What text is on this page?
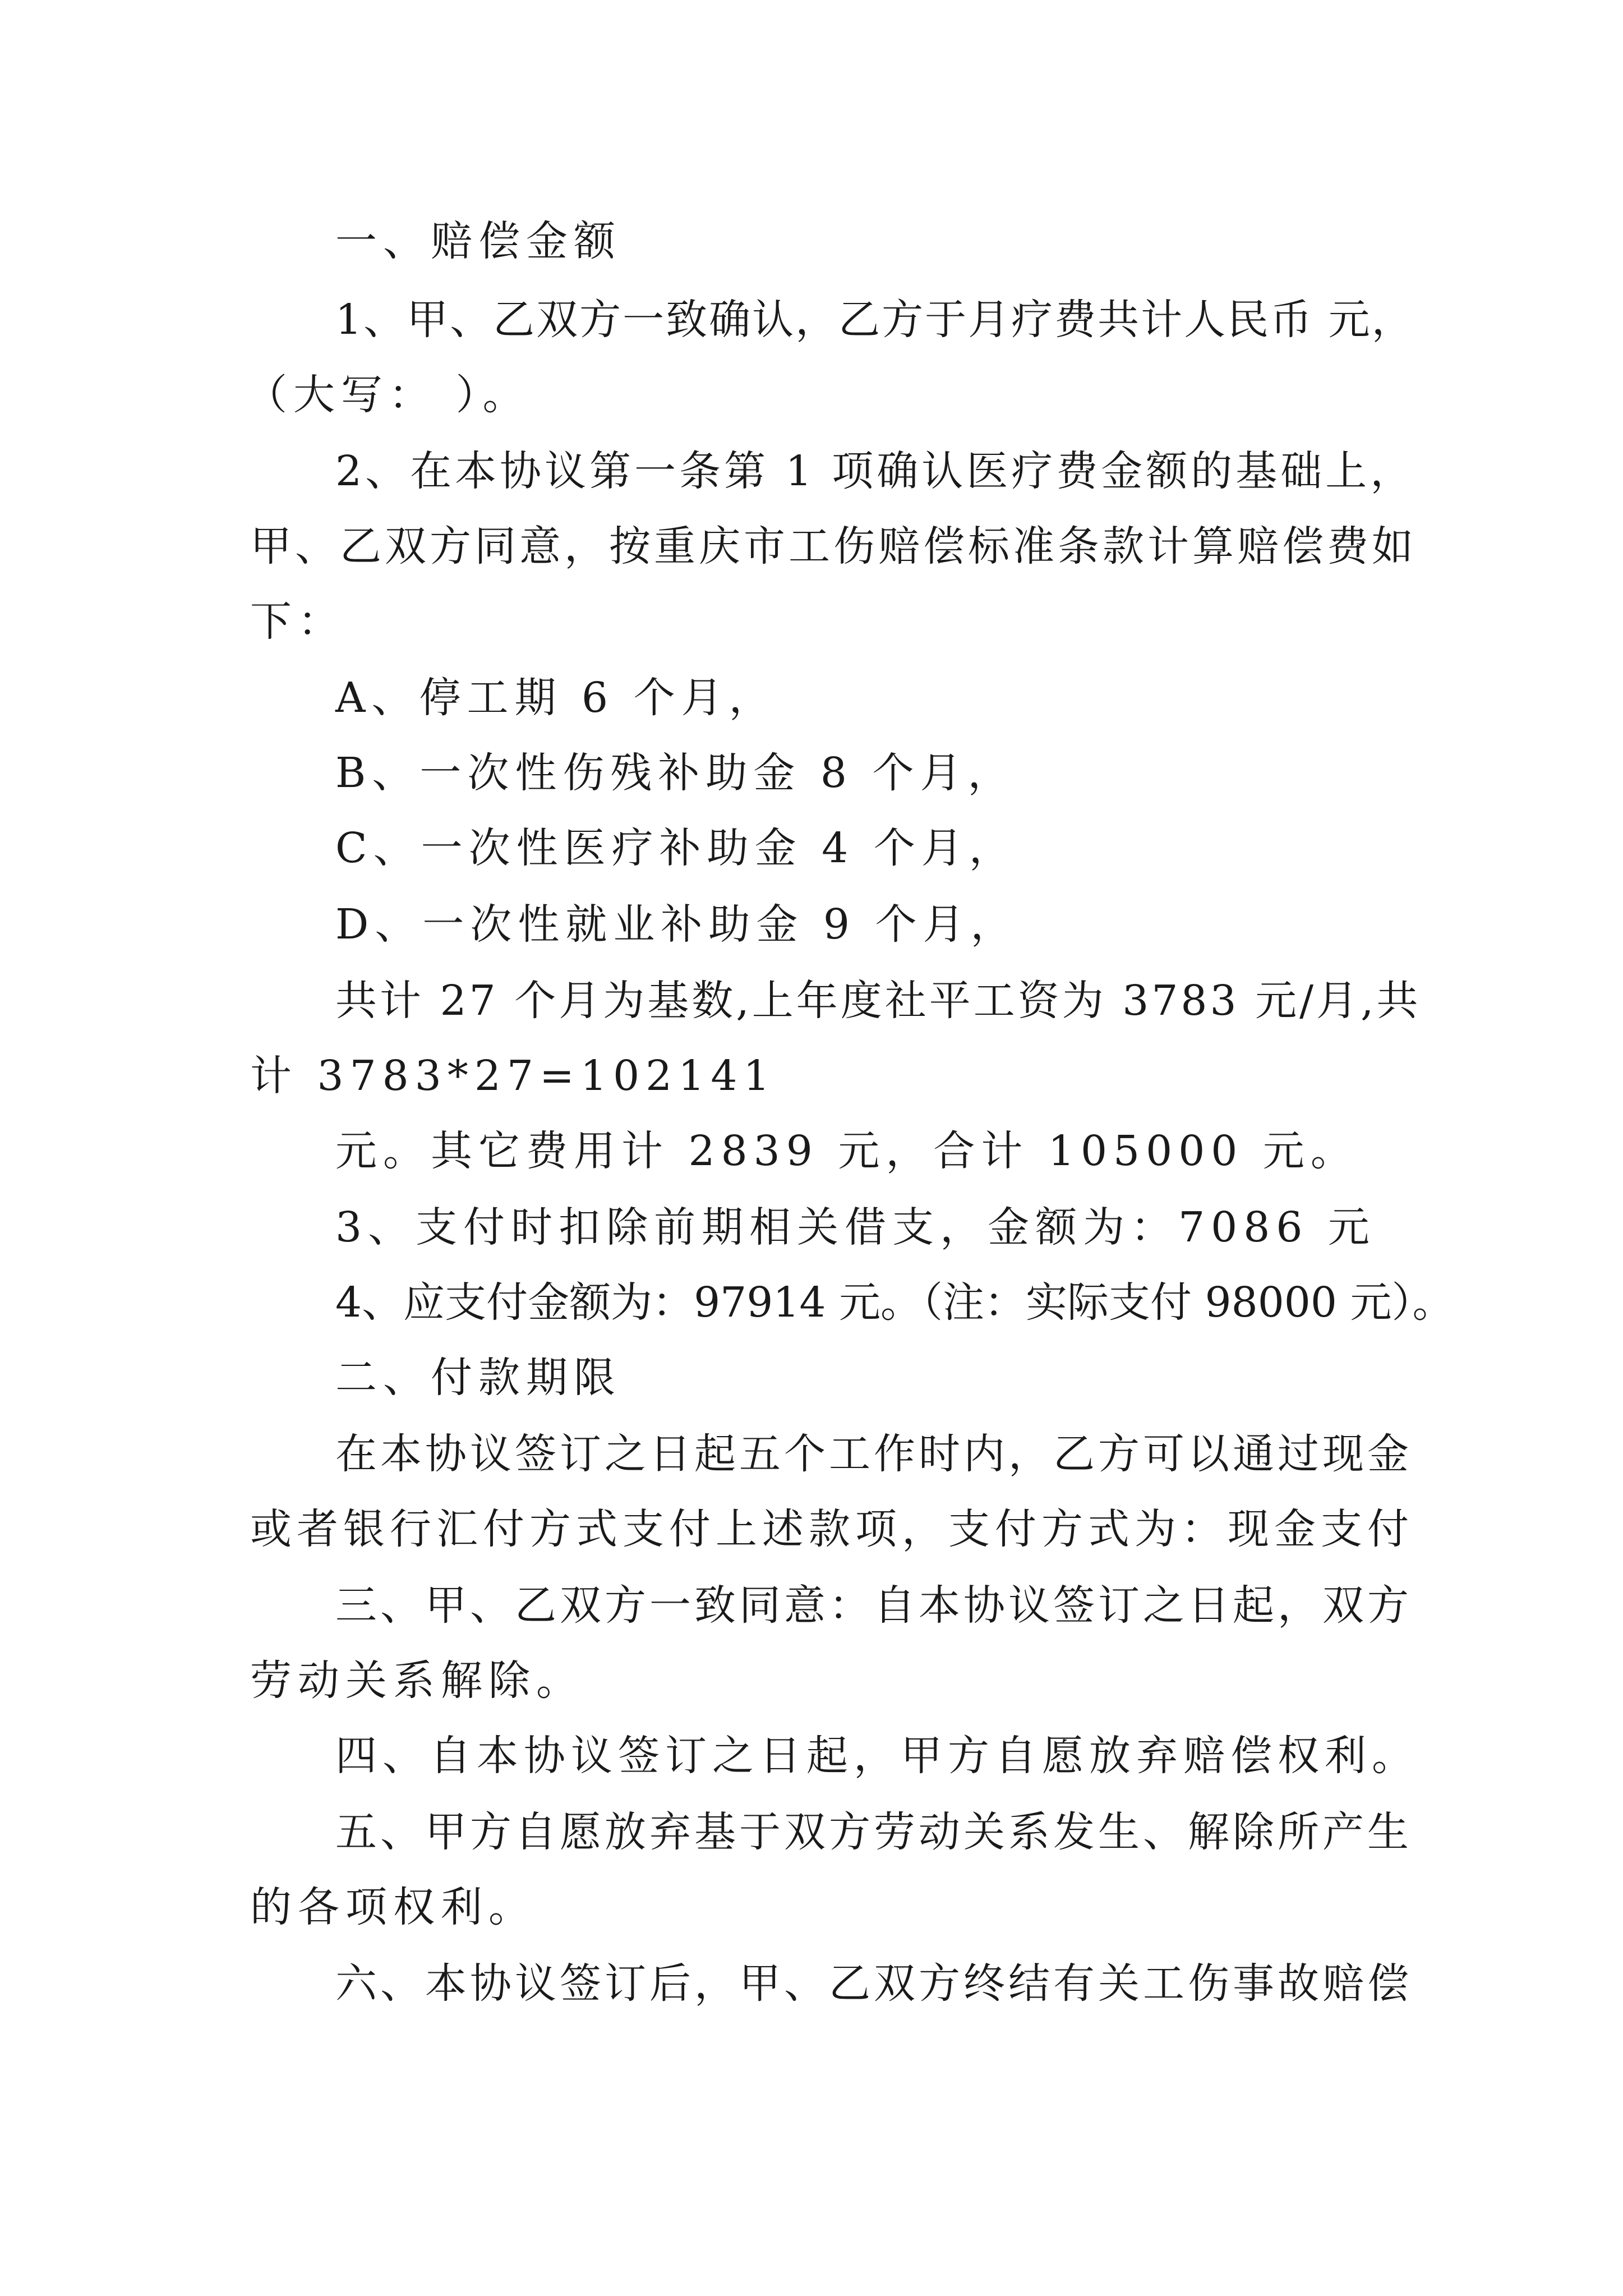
一、赔偿金额

1、甲、乙双方一致确认，乙方于月疗费共计人民币 元，

（大写： ）。

2、在本协议第一条第 1 项确认医疗费金额的基础上，

甲、乙双方同意，按重庆市工伤赔偿标准条款计算赔偿费如

下：

A、停工期 6 个月，

B、一次性伤残补助金 8 个月，

C、一次性医疗补助金 4 个月，

D、一次性就业补助金 9 个月，

共计 27 个月为基数,上年度社平工资为 3783 元/月,共

计 3783*27=102141

元。其它费用计 2839 元，合计 105000 元。

3、支付时扣除前期相关借支，金额为：7086 元

4、应支付金额为：97914 元。（注：实际支付 98000 元）。

二、付款期限

在本协议签订之日起五个工作时内，乙方可以通过现金

或者银行汇付方式支付上述款项，支付方式为：现金支付

三、甲、乙双方一致同意：自本协议签订之日起，双方

劳动关系解除。

四、自本协议签订之日起，甲方自愿放弃赔偿权利。

五、甲方自愿放弃基于双方劳动关系发生、解除所产生

的各项权利。

六、本协议签订后，甲、乙双方终结有关工伤事故赔偿
